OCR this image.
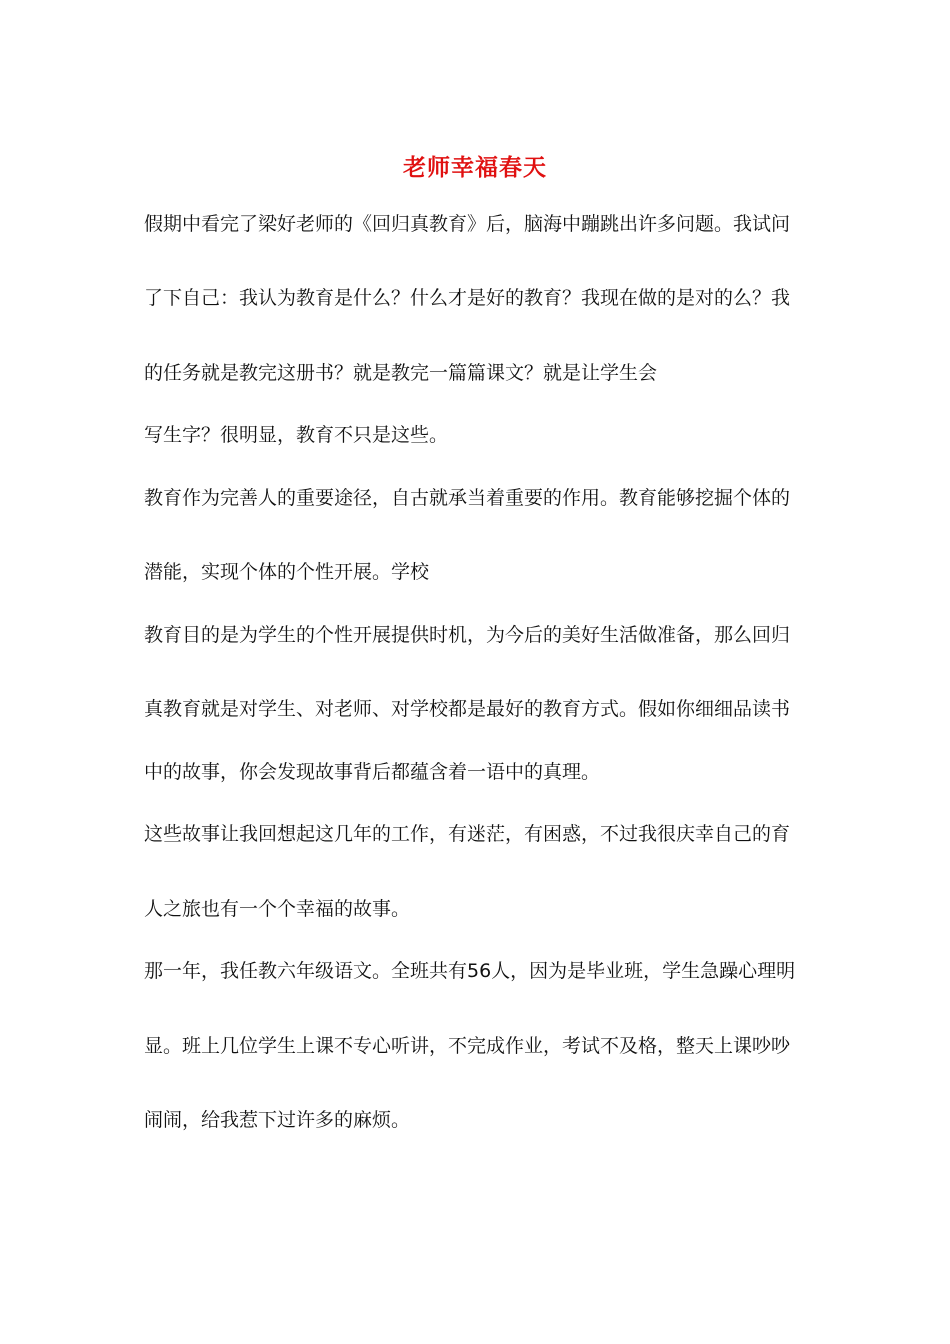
老师幸福春天
假期中看完了梁好老师的《回归真教育》后，脑海中蹦跳出许多问题。我试问
了下自己：我认为教育是什么？什么才是好的教育？我现在做的是对的么？我
的任务就是教完这册书？就是教完一篇篇课文？就是让学生会
写生字？很明显，教育不只是这些。
教育作为完善人的重要途径，自古就承当着重要的作用。教育能够挖掘个体的
潜能，实现个体的个性开展。学校
教育目的是为学生的个性开展提供时机，为今后的美好生活做准备，那么回归
真教育就是对学生、对老师、对学校都是最好的教育方式。假如你细细品读书
中的故事，你会发现故事背后都蕴含着一语中的真理。
这些故事让我回想起这几年的工作，有迷茫，有困惑，不过我很庆幸自己的育
人之旅也有一个个幸福的故事。
那一年，我任教六年级语文。全班共有56人，因为是毕业班，学生急躁心理明
显。班上几位学生上课不专心听讲，不完成作业，考试不及格，整天上课吵吵
闹闹，给我惹下过许多的麻烦。
